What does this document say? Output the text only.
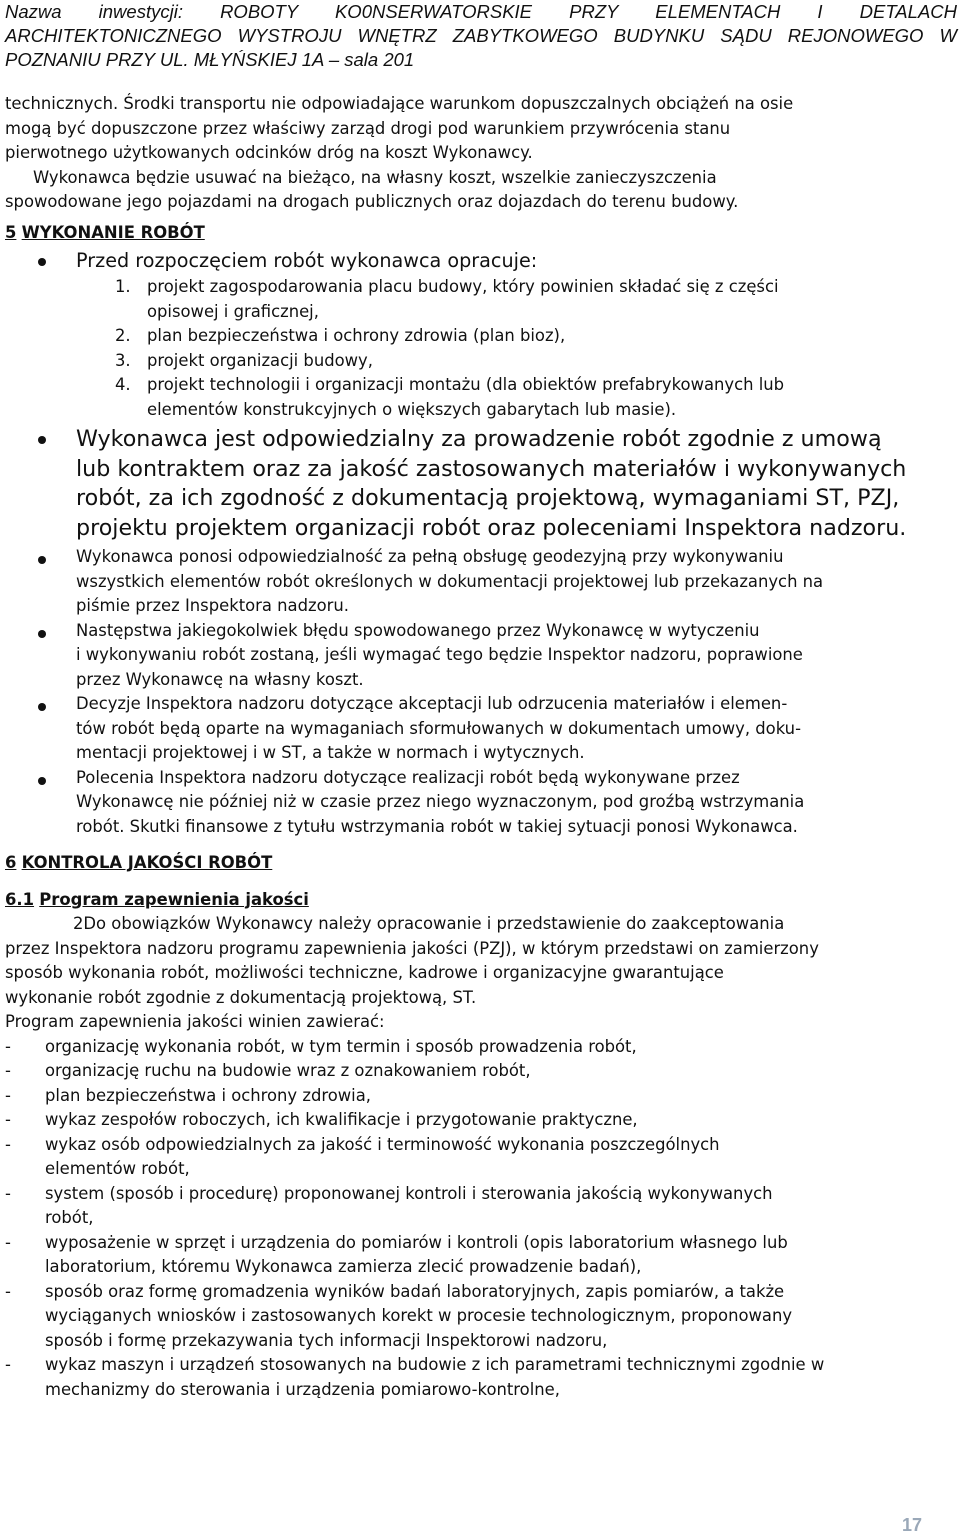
Nazwa inwestycji: ROBOTY KO0NSERWATORSKIE PRZY ELEMENTACH I DETALACH
ARCHITEKTONICZNEGO WYSTROJU WNĘTRZ ZABYTKOWEGO BUDYNKU SĄDU REJONOWEGO W
POZNANIU PRZY UL. MŁYŃSKIEJ 1A – sala 201
technicznych. Środki transportu nie odpowiadające warunkom dopuszczalnych obciążeń na osie
mogą być dopuszczone przez właściwy zarząd drogi pod warunkiem przywrócenia stanu
pierwotnego użytkowanych odcinków dróg na koszt Wykonawcy.
Wykonawca będzie usuwać na bieżąco, na własny koszt, wszelkie zanieczyszczenia
spowodowane jego pojazdami na drogach publicznych oraz dojazdach do terenu budowy.
5 WYKONANIE ROBÓT
Przed rozpoczęciem robót wykonawca opracuje:
1. projekt zagospodarowania placu budowy, który powinien składać się z części
opisowej i graficznej,
2. plan bezpieczeństwa i ochrony zdrowia (plan bioz),
3. projekt organizacji budowy,
4. projekt technologii i organizacji montażu (dla obiektów prefabrykowanych lub
elementów konstrukcyjnych o większych gabarytach lub masie).
Wykonawca jest odpowiedzialny za prowadzenie robót zgodnie z umową
lub kontraktem oraz za jakość zastosowanych materiałów i wykonywanych
robót, za ich zgodność z dokumentacją projektową, wymaganiami ST, PZJ,
projektu projektem organizacji robót oraz poleceniami Inspektora nadzoru.
Wykonawca ponosi odpowiedzialność za pełną obsługę geodezyjną przy wykonywaniu
wszystkich elementów robót określonych w dokumentacji projektowej lub przekazanych na
piśmie przez Inspektora nadzoru.
Następstwa jakiegokolwiek błędu spowodowanego przez Wykonawcę w wytyczeniu
i wykonywaniu robót zostaną, jeśli wymagać tego będzie Inspektor nadzoru, poprawione
przez Wykonawcę na własny koszt.
Decyzje Inspektora nadzoru dotyczące akceptacji lub odrzucenia materiałów i elemen-
tów robót będą oparte na wymaganiach sformułowanych w dokumentach umowy, doku-
mentacji projektowej i w ST, a także w normach i wytycznych.
Polecenia Inspektora nadzoru dotyczące realizacji robót będą wykonywane przez
Wykonawcę nie później niż w czasie przez niego wyznaczonym, pod groźbą wstrzymania
robót. Skutki finansowe z tytułu wstrzymania robót w takiej sytuacji ponosi Wykonawca.
6 KONTROLA JAKOŚCI ROBÓT
6.1 Program zapewnienia jakości
2Do obowiązków Wykonawcy należy opracowanie i przedstawienie do zaakceptowania
przez Inspektora nadzoru programu zapewnienia jakości (PZJ), w którym przedstawi on zamierzony
sposób wykonania robót, możliwości techniczne, kadrowe i organizacyjne gwarantujące
wykonanie robót zgodnie z dokumentacją projektową, ST.
Program zapewnienia jakości winien zawierać:
- organizację wykonania robót, w tym termin i sposób prowadzenia robót,
- organizację ruchu na budowie wraz z oznakowaniem robót,
- plan bezpieczeństwa i ochrony zdrowia,
- wykaz zespołów roboczych, ich kwalifikacje i przygotowanie praktyczne,
- wykaz osób odpowiedzialnych za jakość i terminowość wykonania poszczególnych
elementów robót,
- system (sposób i procedurę) proponowanej kontroli i sterowania jakością wykonywanych
robót,
- wyposażenie w sprzęt i urządzenia do pomiarów i kontroli (opis laboratorium własnego lub
laboratorium, któremu Wykonawca zamierza zlecić prowadzenie badań),
- sposób oraz formę gromadzenia wyników badań laboratoryjnych, zapis pomiarów, a także
wyciąganych wniosków i zastosowanych korekt w procesie technologicznym, proponowany
sposób i formę przekazywania tych informacji Inspektorowi nadzoru,
- wykaz maszyn i urządzeń stosowanych na budowie z ich parametrami technicznymi zgodnie w
mechanizmy do sterowania i urządzenia pomiarowo-kontrolne,
17
